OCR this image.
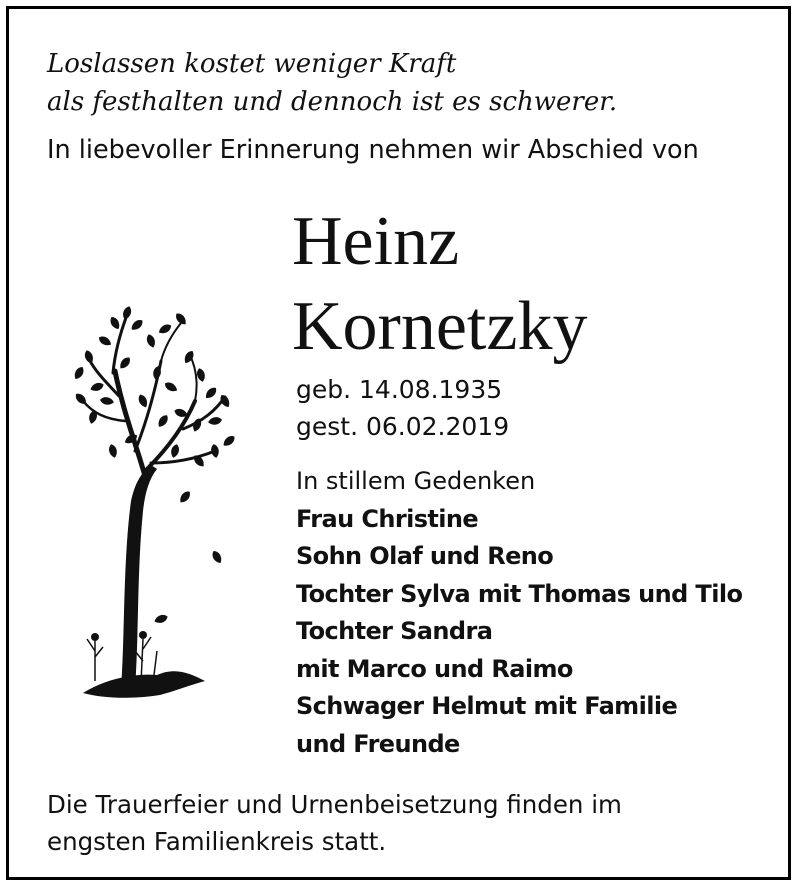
Loslassen kostet weniger Kraft
als festhalten und dennoch ist es schwerer.
In liebevoller Erinnerung nehmen wir Abschied von
Heinz
Kornetzky
geb. 14.08.1935
gest. 06.02.2019
In stillem Gedenken
Frau Christine
Sohn Olaf und Reno
Tochter Sylva mit Thomas und Tilo
Tochter Sandra
mit Marco und Raimo
Schwager Helmut mit Familie
und Freunde
Die Trauerfeier und Urnenbeisetzung finden im
engsten Familienkreis statt.
